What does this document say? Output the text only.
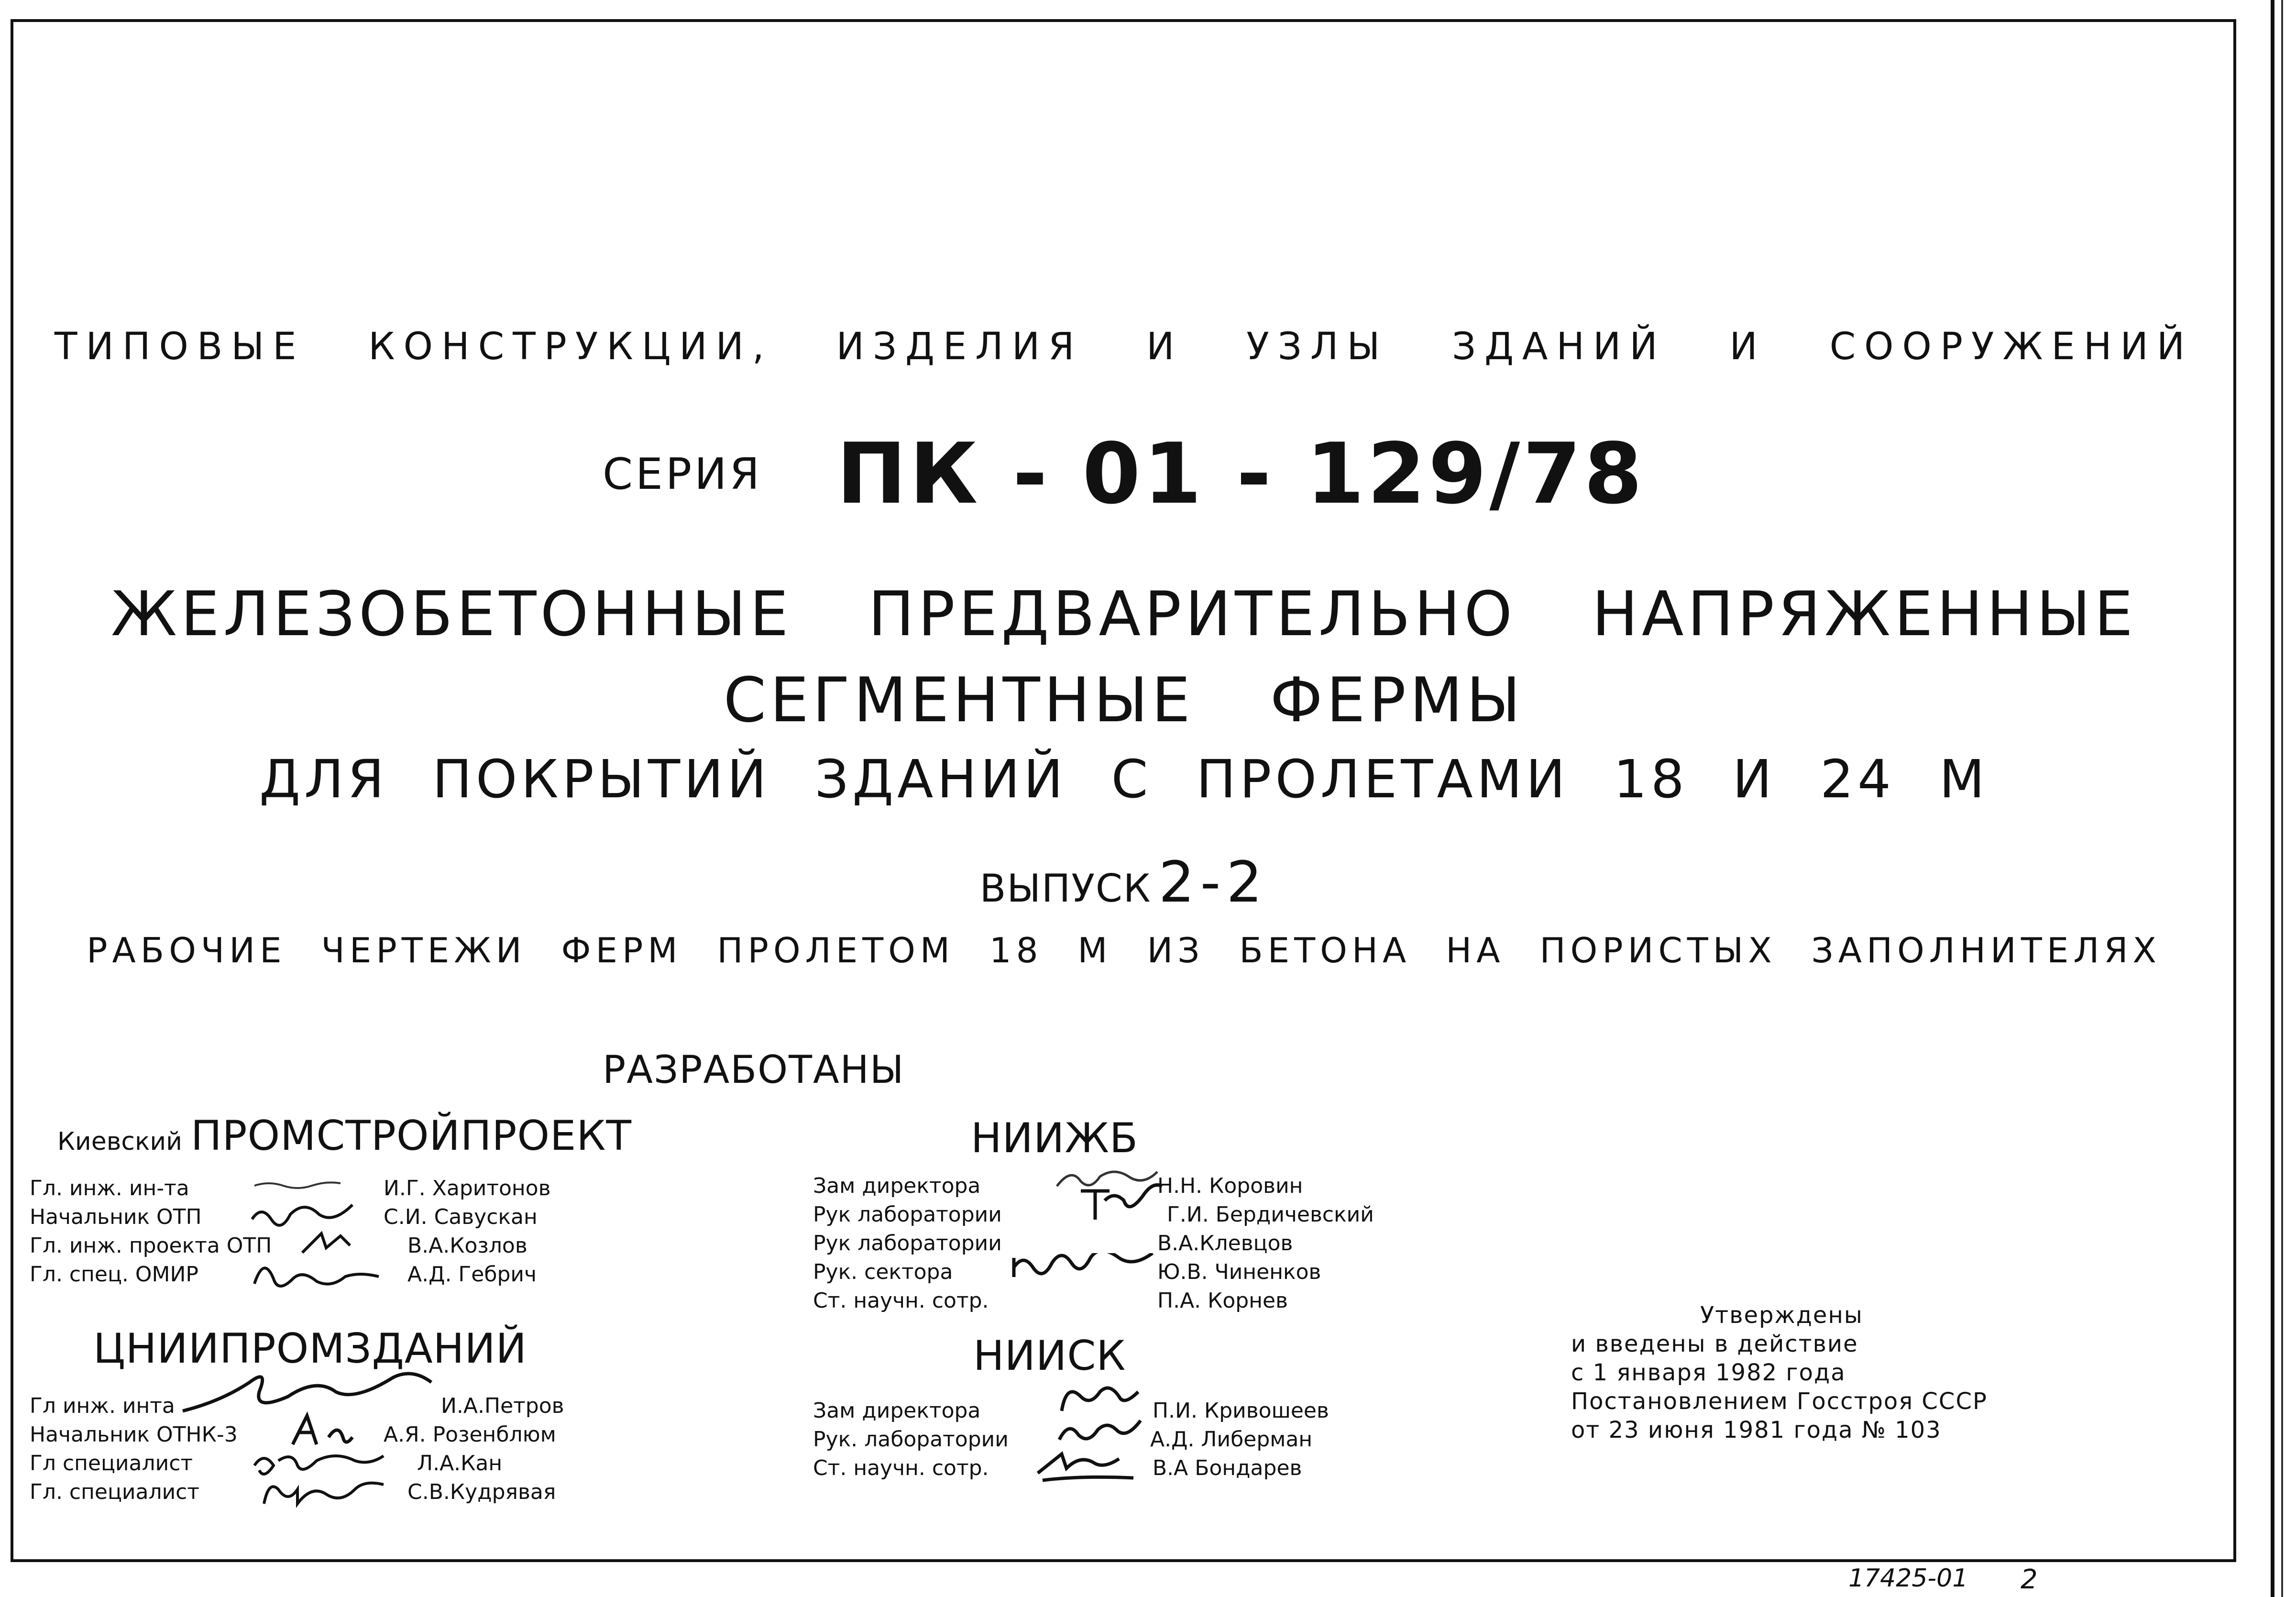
ТИПОВЫЕ КОНСТРУКЦИИ, ИЗДЕЛИЯ И УЗЛЫ ЗДАНИЙ И СООРУЖЕНИЙ
СЕРИЯ ПК - 01 - 129/78
ЖЕЛЕЗОБЕТОННЫЕ ПРЕДВАРИТЕЛЬНО НАПРЯЖЕННЫЕ
СЕГМЕНТНЫЕ ФЕРМЫ
ДЛЯ ПОКРЫТИЙ ЗДАНИЙ С ПРОЛЕТАМИ 18 И 24 М
ВЫПУСК 2-2
РАБОЧИЕ ЧЕРТЕЖИ ФЕРМ ПРОЛЕТОМ 18 М ИЗ БЕТОНА НА ПОРИСТЫХ ЗАПОЛНИТЕЛЯХ
РАЗРАБОТАНЫ
Киевский ПРОМСТРОЙПРОЕКТ
Гл. инж. ин-та	И.Г. Харитонов
Начальник ОТП	С.И. Савускан
Гл. инж. проекта ОТП	В.А.Козлов
Гл. спец. ОМИР	А.Д. Гебрич
ЦНИИПРОМЗДАНИЙ
Гл инж. инта	И.А.Петров
Начальник ОТНК-3	А.Я. Розенблюм
Гл специалист	Л.А.Кан
Гл. специалист	С.В.Кудрявая
НИИЖБ
Зам директора	Н.Н. Коровин
Рук лаборатории	Г.И. Бердичевский
Рук лаборатории	В.А.Клевцов
Рук. сектора	Ю.В. Чиненков
Ст. научн. сотр.	П.А. Корнев
НИИСК
Зам директора	П.И. Кривошеев
Рук. лаборатории	А.Д. Либерман
Ст. научн. сотр.	В.А Бондарев
Утверждены
и введены в действие
с 1 января 1982 года
Постановлением Госстроя СССР
от 23 июня 1981 года № 103
17425-01 2
